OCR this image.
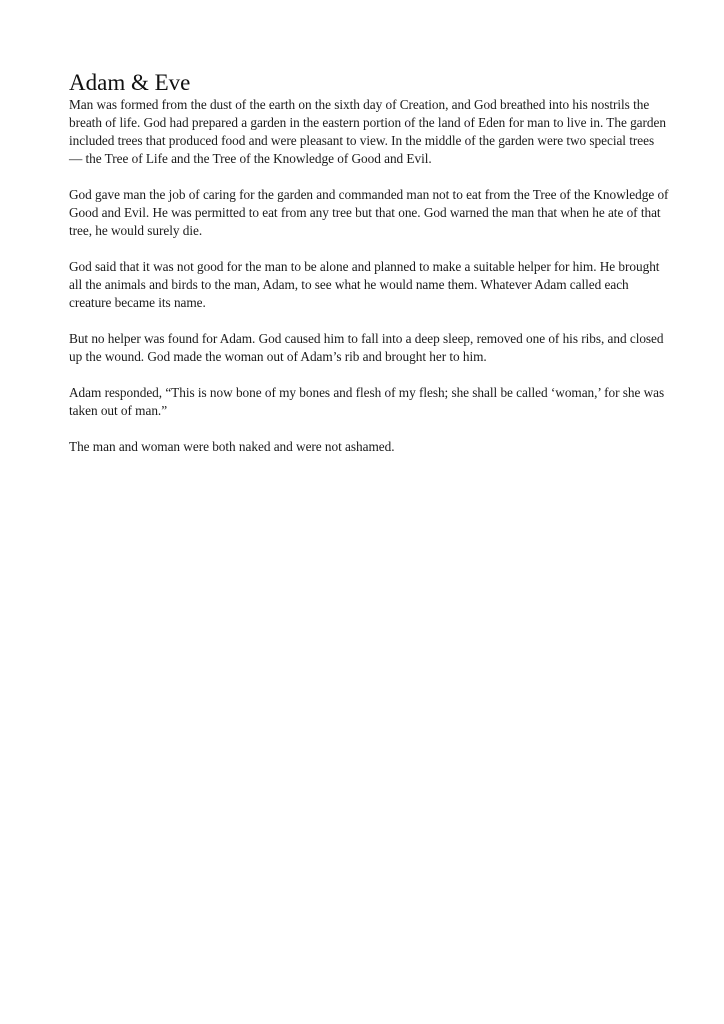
Adam & Eve

Man was formed from the dust of the earth on the sixth day of Creation, and God breathed into his nostrils the breath of life. God had prepared a garden in the eastern portion of the land of Eden for man to live in. The garden included trees that produced food and were pleasant to view. In the middle of the garden were two special trees — the Tree of Life and the Tree of the Knowledge of Good and Evil.

God gave man the job of caring for the garden and commanded man not to eat from the Tree of the Knowledge of Good and Evil. He was permitted to eat from any tree but that one. God warned the man that when he ate of that tree, he would surely die.

God said that it was not good for the man to be alone and planned to make a suitable helper for him. He brought all the animals and birds to the man, Adam, to see what he would name them. Whatever Adam called each creature became its name.

But no helper was found for Adam. God caused him to fall into a deep sleep, removed one of his ribs, and closed up the wound. God made the woman out of Adam’s rib and brought her to him.

Adam responded, “This is now bone of my bones and flesh of my flesh; she shall be called ‘woman,’ for she was taken out of man.”

The man and woman were both naked and were not ashamed.
